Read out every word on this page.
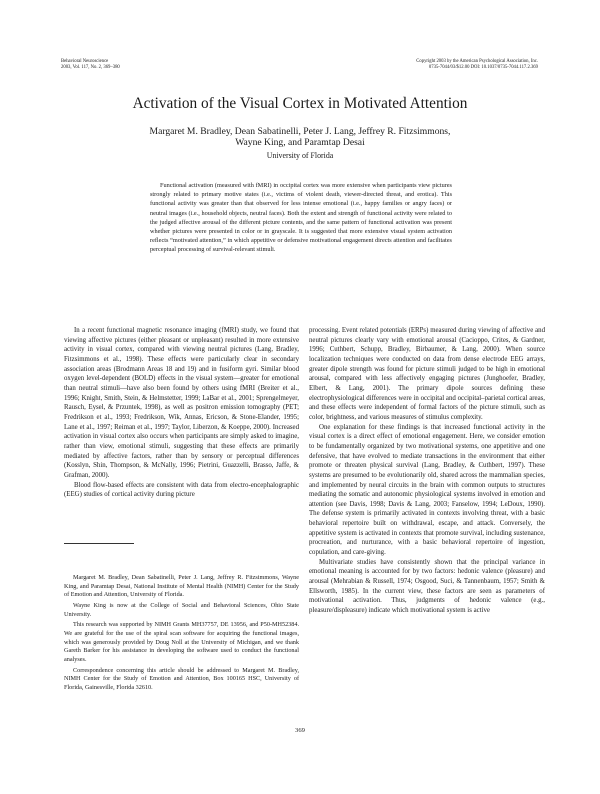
Behavioral Neuroscience
2003, Vol. 117, No. 2, 369–380
Copyright 2003 by the American Psychological Association, Inc.
0735-7044/03/$12.00 DOI: 10.1037/0735-7044.117.2.369
Activation of the Visual Cortex in Motivated Attention
Margaret M. Bradley, Dean Sabatinelli, Peter J. Lang, Jeffrey R. Fitzsimmons,
Wayne King, and Paramtap Desai
University of Florida

Functional activation (measured with fMRI) in occipital cortex was more extensive when participants view pictures strongly related to primary motive states (i.e., victims of violent death, viewer-directed threat, and erotica). This functional activity was greater than that observed for less intense emotional (i.e., happy families or angry faces) or neutral images (i.e., household objects, neutral faces). Both the extent and strength of functional activity were related to the judged affective arousal of the different picture contents, and the same pattern of functional activation was present whether pictures were presented in color or in grayscale. It is suggested that more extensive visual system activation reflects “motivated attention,” in which appetitive or defensive motivational engagement directs attention and facilitates perceptual processing of survival-relevant stimuli.

In a recent functional magnetic resonance imaging (fMRI) study, we found that viewing affective pictures (either pleasant or unpleasant) resulted in more extensive activity in visual cortex, compared with viewing neutral pictures (Lang, Bradley, Fitzsimmons et al., 1998). These effects were particularly clear in secondary association areas (Brodmann Areas 18 and 19) and in fusiform gyri. Similar blood oxygen level-dependent (BOLD) effects in the visual system—greater for emotional than neutral stimuli—have also been found by others using fMRI (Breiter et al., 1996; Knight, Smith, Stein, & Helmstetter, 1999; LaBar et al., 2001; Sprengelmeyer, Rausch, Eysel, & Przuntek, 1998), as well as positron emission tomography (PET; Fredrikson et al., 1993; Fredrikson, Wik, Annas, Ericson, & Stone-Elander, 1995; Lane et al., 1997; Reiman et al., 1997; Taylor, Liberzon, & Koeppe, 2000). Increased activation in visual cortex also occurs when participants are simply asked to imagine, rather than view, emotional stimuli, suggesting that these effects are primarily mediated by affective factors, rather than by sensory or perceptual differences (Kosslyn, Shin, Thompson, & McNally, 1996; Pietrini, Guazzelli, Brasso, Jaffe, & Grafman, 2000).

Blood flow-based effects are consistent with data from electro-encephalographic (EEG) studies of cortical activity during picture

Margaret M. Bradley, Dean Sabatinelli, Peter J. Lang, Jeffrey R. Fitzsimmons, Wayne King, and Paramtap Desai, National Institute of Mental Health (NIMH) Center for the Study of Emotion and Attention, University of Florida.

Wayne King is now at the College of Social and Behavioral Sciences, Ohio State University.

This research was supported by NIMH Grants MH37757, DE 13956, and P50-MH52384. We are grateful for the use of the spiral scan software for acquiring the functional images, which was generously provided by Doug Noll at the University of Michigan, and we thank Gareth Barker for his assistance in developing the software used to conduct the functional analyses.

Correspondence concerning this article should be addressed to Margaret M. Bradley, NIMH Center for the Study of Emotion and Attention, Box 100165 HSC, University of Florida, Gainesville, Florida 32610.

processing. Event related potentials (ERPs) measured during viewing of affective and neutral pictures clearly vary with emotional arousal (Cacioppo, Crites, & Gardner, 1996; Cuthbert, Schupp, Bradley, Birbaumer, & Lang, 2000). When source localization techniques were conducted on data from dense electrode EEG arrays, greater dipole strength was found for picture stimuli judged to be high in emotional arousal, compared with less affectively engaging pictures (Junghoefer, Bradley, Elbert, & Lang, 2001). The primary dipole sources defining these electrophysiological differences were in occipital and occipital–parietal cortical areas, and these effects were independent of formal factors of the picture stimuli, such as color, brightness, and various measures of stimulus complexity.

One explanation for these findings is that increased functional activity in the visual cortex is a direct effect of emotional engagement. Here, we consider emotion to be fundamentally organized by two motivational systems, one appetitive and one defensive, that have evolved to mediate transactions in the environment that either promote or threaten physical survival (Lang, Bradley, & Cuthbert, 1997). These systems are presumed to be evolutionarily old, shared across the mammalian species, and implemented by neural circuits in the brain with common outputs to structures mediating the somatic and autonomic physiological systems involved in emotion and attention (see Davis, 1998; Davis & Lang, 2003; Fanselow, 1994; LeDoux, 1990). The defense system is primarily activated in contexts involving threat, with a basic behavioral repertoire built on withdrawal, escape, and attack. Conversely, the appetitive system is activated in contexts that promote survival, including sustenance, procreation, and nurturance, with a basic behavioral repertoire of ingestion, copulation, and care-giving.

Multivariate studies have consistently shown that the principal variance in emotional meaning is accounted for by two factors: hedonic valence (pleasure) and arousal (Mehrabian & Russell, 1974; Osgood, Suci, & Tannenbaum, 1957; Smith & Ellsworth, 1985). In the current view, these factors are seen as parameters of motivational activation. Thus, judgments of hedonic valence (e.g., pleasure/displeasure) indicate which motivational system is active

369
